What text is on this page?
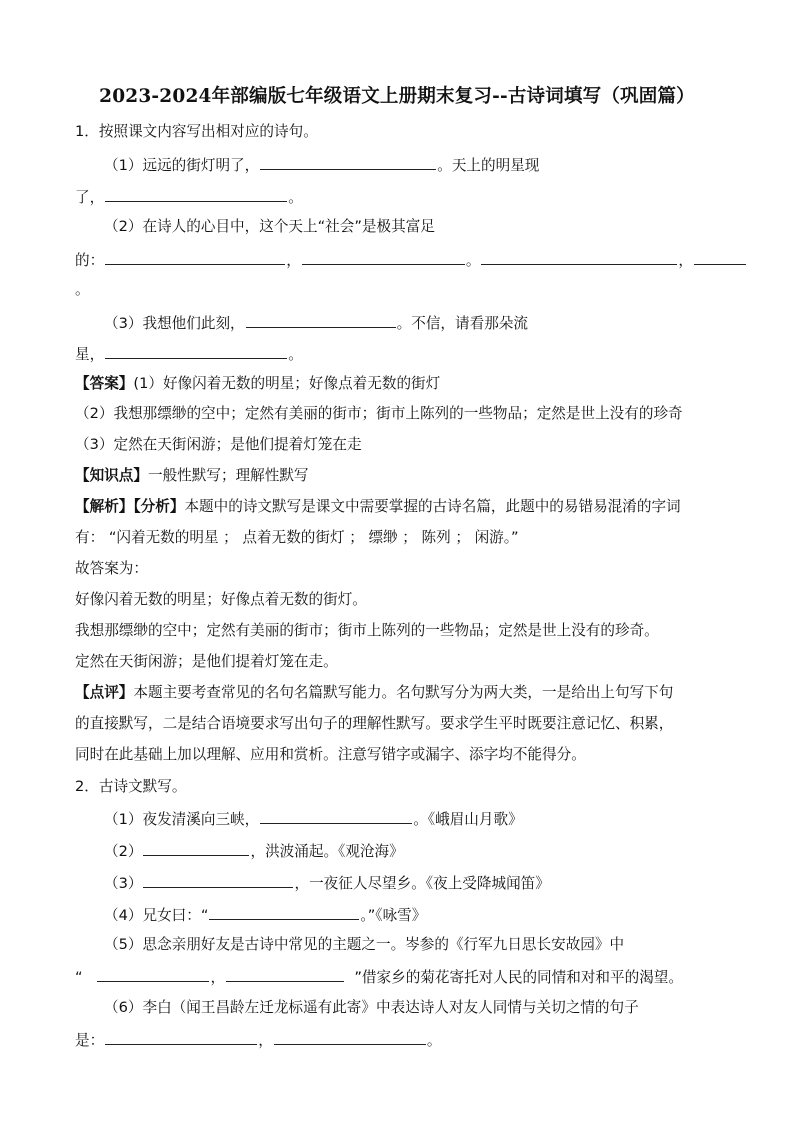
2023-2024年部编版七年级语文上册期末复习--古诗词填写（巩固篇）
1．按照课文内容写出相对应的诗句。
（1）远远的街灯明了，	。天上的明星现
了，	。
（2）在诗人的心目中，这个天上“社会”是极其富足
的：	，	。	，
。
（3）我想他们此刻，	。不信，请看那朵流
星，	。
【答案】(1）好像闪着无数的明星；好像点着无数的街灯
（2）我想那缥缈的空中；定然有美丽的街市；街市上陈列的一些物品；定然是世上没有的珍奇
（3）定然在天街闲游；是他们提着灯笼在走
【知识点】一般性默写；理解性默写
【解析】【分析】本题中的诗文默写是课文中需要掌握的古诗名篇，此题中的易错易混淆的字词
有： “闪着无数的明星 ； 点着无数的街灯 ； 缥缈 ； 陈列 ； 闲游。”
故答案为：
好像闪着无数的明星；好像点着无数的街灯。
我想那缥缈的空中；定然有美丽的街市；街市上陈列的一些物品；定然是世上没有的珍奇。
定然在天街闲游；是他们提着灯笼在走。
【点评】本题主要考查常见的名句名篇默写能力。名句默写分为两大类，一是给出上句写下句
的直接默写，二是结合语境要求写出句子的理解性默写。要求学生平时既要注意记忆、积累，
同时在此基础上加以理解、应用和赏析。注意写错字或漏字、添字均不能得分。
2．古诗文默写。
（1）夜发清溪向三峡，	。《峨眉山月歌》
（2）	，洪波涌起。《观沧海》
（3）	，一夜征人尽望乡。《夜上受降城闻笛》
（4）兄女曰：“	。”《咏雪》
（5）思念亲朋好友是古诗中常见的主题之一。岑参的《行军九日思长安故园》中
“	，	”借家乡的菊花寄托对人民的同情和对和平的渴望。
（6）李白（闻王昌龄左迁龙标遥有此寄》中表达诗人对友人同情与关切之情的句子
是：	，	。
